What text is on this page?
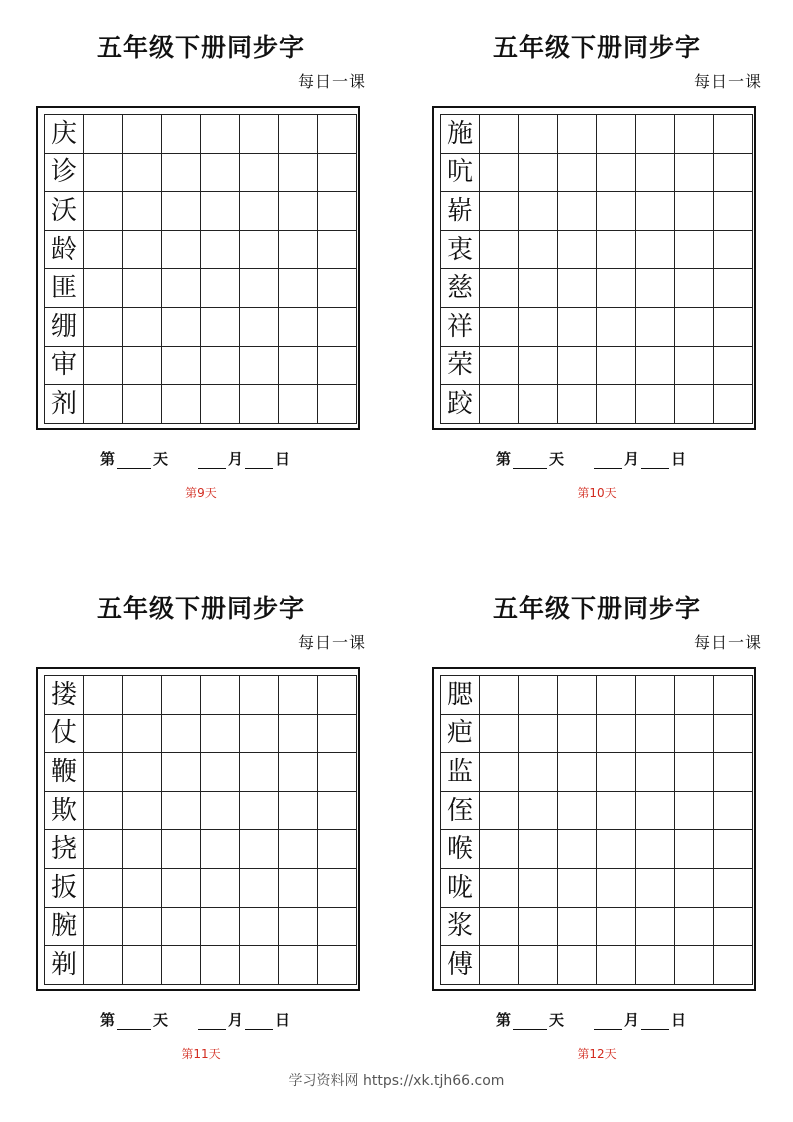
五年级下册同步字
每日一课
庆
诊
沃
龄
匪
绷
审
剂
第	天	月 日
第9天
五年级下册同步字
每日一课
施
吭
崭
衷
慈
祥
荣
跤
第	天	月 日
第10天
五年级下册同步字
每日一课
搂
仗
鞭
欺
挠
扳
腕
剃
第	天	月 日
第11天
五年级下册同步字
每日一课
腮
疤
监
侄
喉
咙
浆
傅
第	天	月 日
第12天
学习资料网 https://xk.tjh66.com
